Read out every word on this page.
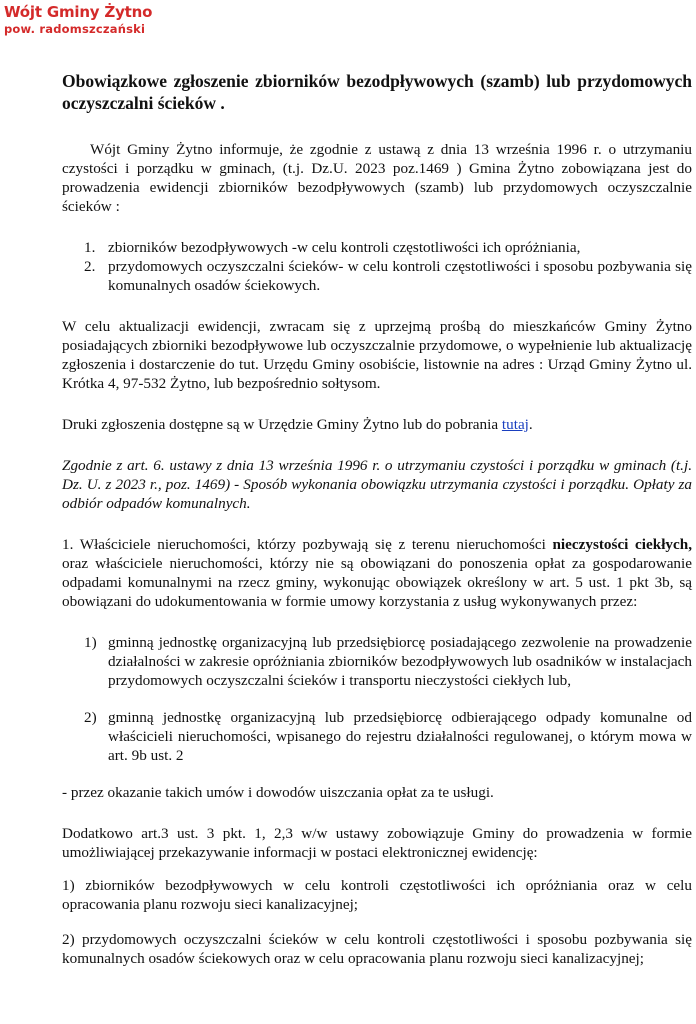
Wójt Gminy Żytno
pow. radomszczański
Obowiązkowe zgłoszenie zbiorników bezodpływowych (szamb) lub przydomowych oczyszczalni ścieków .

Wójt Gminy Żytno informuje, że zgodnie z ustawą z dnia 13 września 1996 r. o utrzymaniu czystości i porządku w gminach, (t.j. Dz.U. 2023 poz.1469 ) Gmina Żytno zobowiązana jest do prowadzenia ewidencji zbiorników bezodpływowych (szamb) lub przydomowych oczyszczalnie ścieków :

1. zbiorników bezodpływowych -w celu kontroli częstotliwości ich opróżniania,
2. przydomowych oczyszczalni ścieków- w celu kontroli częstotliwości i sposobu pozbywania się komunalnych osadów ściekowych.

W celu aktualizacji ewidencji, zwracam się z uprzejmą prośbą do mieszkańców Gminy Żytno posiadających zbiorniki bezodpływowe lub oczyszczalnie przydomowe, o wypełnienie lub aktualizację zgłoszenia i dostarczenie do tut. Urzędu Gminy osobiście, listownie na adres : Urząd Gminy Żytno ul. Krótka 4, 97-532 Żytno, lub bezpośrednio sołtysom.

Druki zgłoszenia dostępne są w Urzędzie Gminy Żytno lub do pobrania tutaj.

Zgodnie z art. 6. ustawy z dnia 13 września 1996 r. o utrzymaniu czystości i porządku w gminach (t.j. Dz. U. z 2023 r., poz. 1469) - Sposób wykonania obowiązku utrzymania czystości i porządku. Opłaty za odbiór odpadów komunalnych.

1. Właściciele nieruchomości, którzy pozbywają się z terenu nieruchomości nieczystości ciekłych, oraz właściciele nieruchomości, którzy nie są obowiązani do ponoszenia opłat za gospodarowanie odpadami komunalnymi na rzecz gminy, wykonując obowiązek określony w art. 5 ust. 1 pkt 3b, są obowiązani do udokumentowania w formie umowy korzystania z usług wykonywanych przez:

1) gminną jednostkę organizacyjną lub przedsiębiorcę posiadającego zezwolenie na prowadzenie działalności w zakresie opróżniania zbiorników bezodpływowych lub osadników w instalacjach przydomowych oczyszczalni ścieków i transportu nieczystości ciekłych lub,
2) gminną jednostkę organizacyjną lub przedsiębiorcę odbierającego odpady komunalne od właścicieli nieruchomości, wpisanego do rejestru działalności regulowanej, o którym mowa w art. 9b ust. 2

- przez okazanie takich umów i dowodów uiszczania opłat za te usługi.

Dodatkowo art.3 ust. 3 pkt. 1, 2,3 w/w ustawy zobowiązuje Gminy do prowadzenia w formie umożliwiającej przekazywanie informacji w postaci elektronicznej ewidencję:

1) zbiorników bezodpływowych w celu kontroli częstotliwości ich opróżniania oraz w celu opracowania planu rozwoju sieci kanalizacyjnej;

2) przydomowych oczyszczalni ścieków w celu kontroli częstotliwości i sposobu pozbywania się komunalnych osadów ściekowych oraz w celu opracowania planu rozwoju sieci kanalizacyjnej;
